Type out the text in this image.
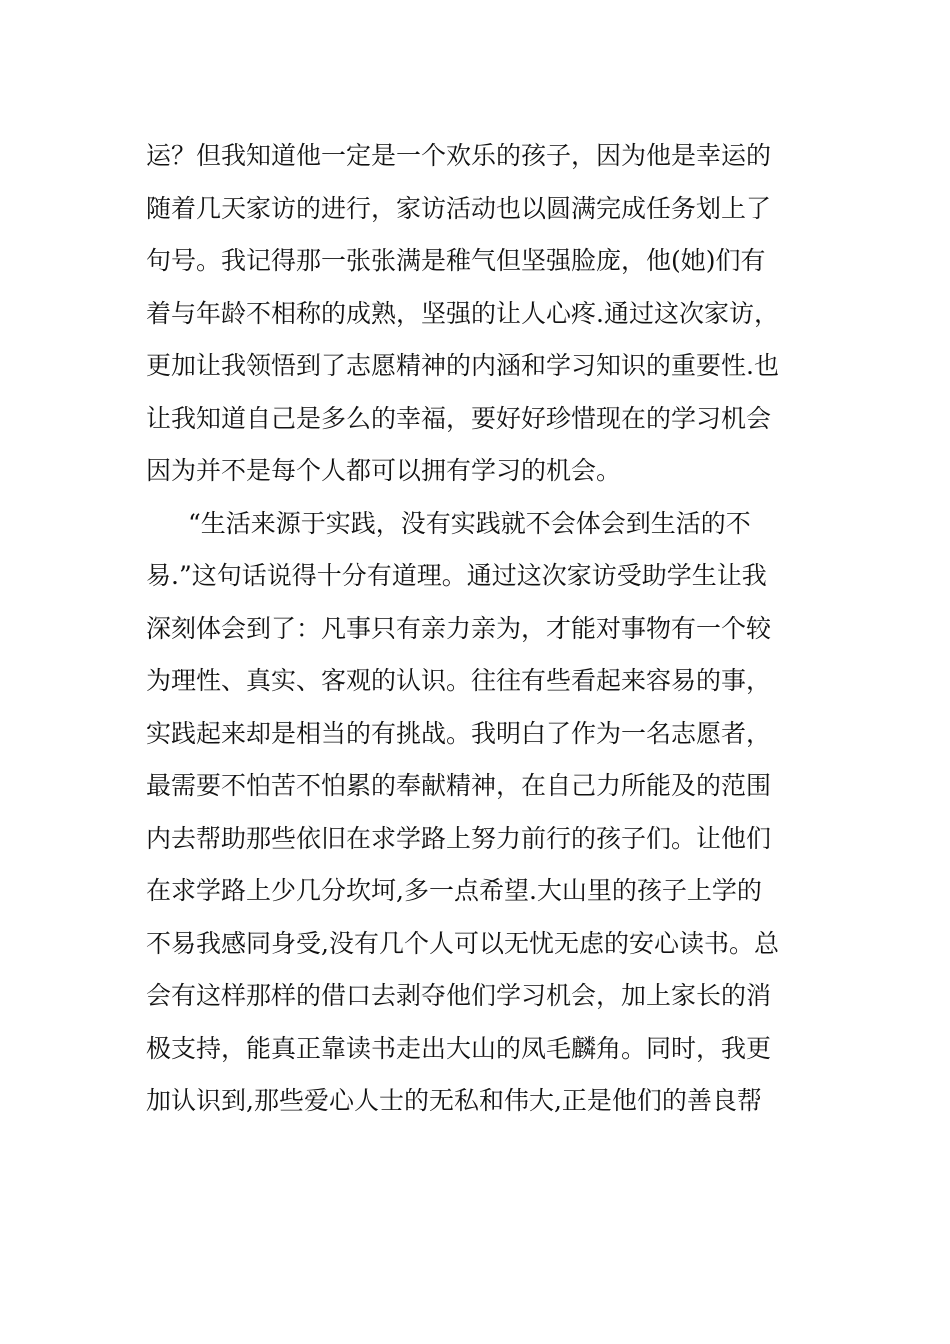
运？但我知道他一定是一个欢乐的孩子，因为他是幸运的
随着几天家访的进行，家访活动也以圆满完成任务划上了
句号。我记得那一张张满是稚气但坚强脸庞，他(她)们有
着与年龄不相称的成熟，坚强的让人心疼.通过这次家访，
更加让我领悟到了志愿精神的内涵和学习知识的重要性.也
让我知道自己是多么的幸福，要好好珍惜现在的学习机会
因为并不是每个人都可以拥有学习的机会。
“生活来源于实践，没有实践就不会体会到生活的不
易.”这句话说得十分有道理。通过这次家访受助学生让我
深刻体会到了：凡事只有亲力亲为，才能对事物有一个较
为理性、真实、客观的认识。往往有些看起来容易的事，
实践起来却是相当的有挑战。我明白了作为一名志愿者，
最需要不怕苦不怕累的奉献精神，在自己力所能及的范围
内去帮助那些依旧在求学路上努力前行的孩子们。让他们
在求学路上少几分坎坷,多一点希望.大山里的孩子上学的
不易我感同身受,没有几个人可以无忧无虑的安心读书。总
会有这样那样的借口去剥夺他们学习机会，加上家长的消
极支持，能真正靠读书走出大山的凤毛麟角。同时，我更
加认识到,那些爱心人士的无私和伟大,正是他们的善良帮
